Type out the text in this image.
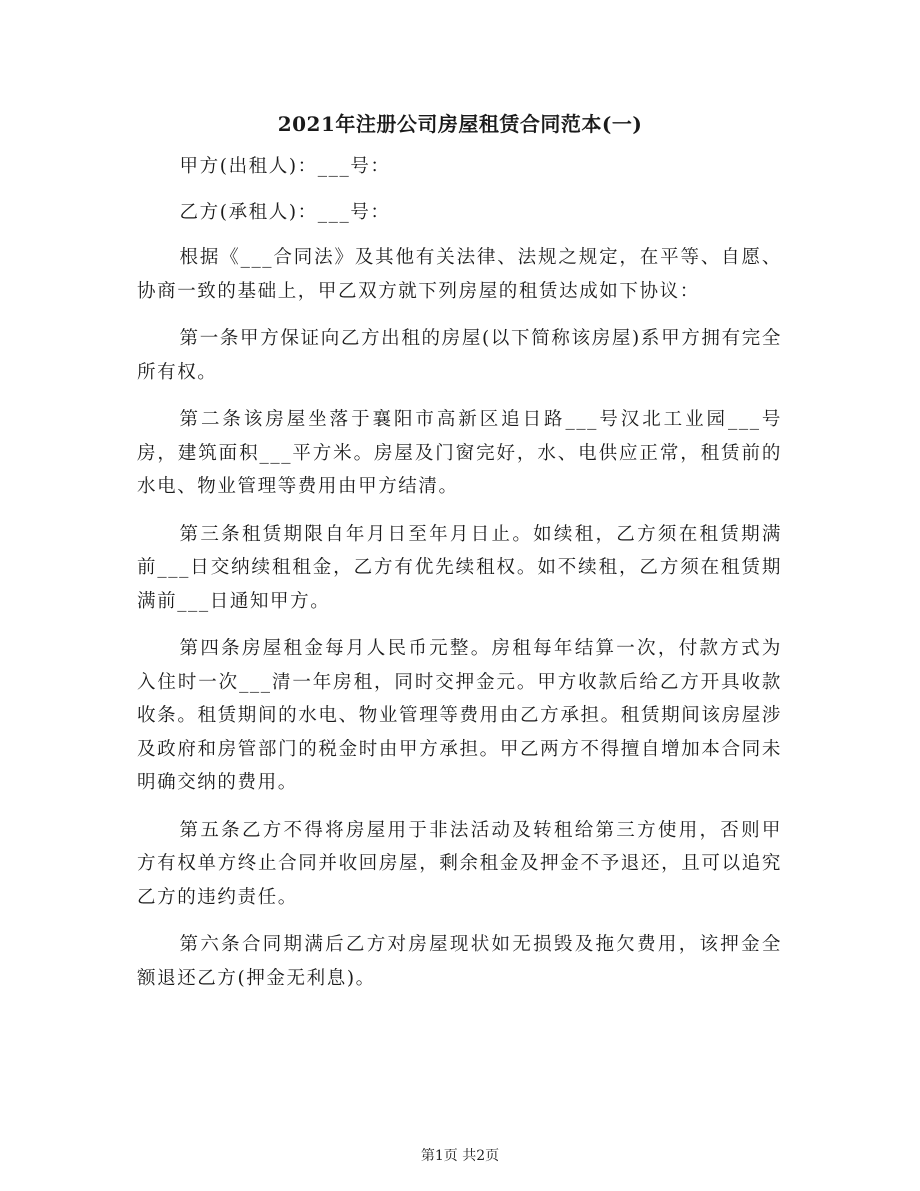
2021年注册公司房屋租赁合同范本(一)

甲方(出租人)：___号：

乙方(承租人)：___号：

根据《___合同法》及其他有关法律、法规之规定，在平等、自愿、协商一致的基础上，甲乙双方就下列房屋的租赁达成如下协议：

第一条甲方保证向乙方出租的房屋(以下简称该房屋)系甲方拥有完全所有权。

第二条该房屋坐落于襄阳市高新区追日路___号汉北工业园___号房，建筑面积___平方米。房屋及门窗完好，水、电供应正常，租赁前的水电、物业管理等费用由甲方结清。

第三条租赁期限自年月日至年月日止。如续租，乙方须在租赁期满前___日交纳续租租金，乙方有优先续租权。如不续租，乙方须在租赁期满前___日通知甲方。

第四条房屋租金每月人民币元整。房租每年结算一次，付款方式为入住时一次___清一年房租，同时交押金元。甲方收款后给乙方开具收款收条。租赁期间的水电、物业管理等费用由乙方承担。租赁期间该房屋涉及政府和房管部门的税金时由甲方承担。甲乙两方不得擅自增加本合同未明确交纳的费用。

第五条乙方不得将房屋用于非法活动及转租给第三方使用，否则甲方有权单方终止合同并收回房屋，剩余租金及押金不予退还，且可以追究乙方的违约责任。

第六条合同期满后乙方对房屋现状如无损毁及拖欠费用，该押金全额退还乙方(押金无利息)。

第1页 共2页
